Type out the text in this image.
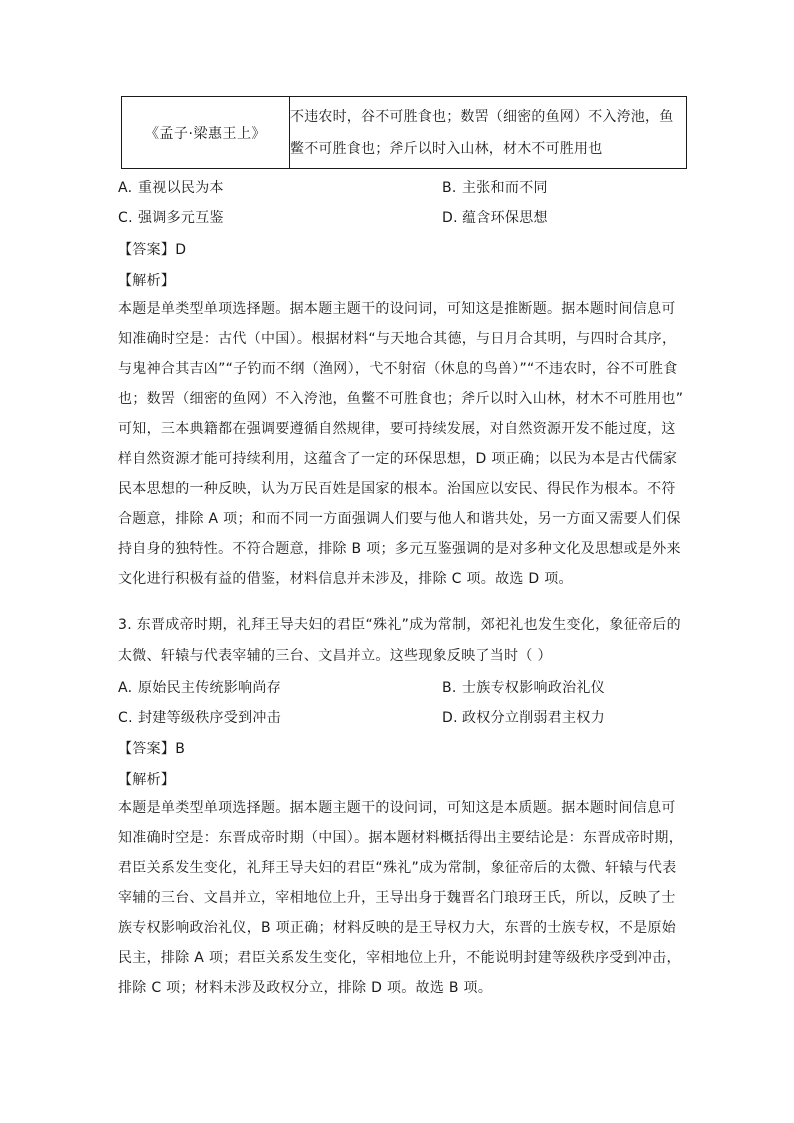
《孟子·梁惠王上》	不违农时，谷不可胜食也；数罟（细密的鱼网）不入洿池，鱼
鳖不可胜食也；斧斤以时入山林，材木不可胜用也
A. 重视以民为本	B. 主张和而不同
C. 强调多元互鉴	D. 蕴含环保思想
【答案】D
【解析】
本题是单类型单项选择题。据本题主题干的设问词，可知这是推断题。据本题时间信息可
知准确时空是：古代（中国）。根据材料“与天地合其德，与日月合其明，与四时合其序，
与鬼神合其吉凶”“子钓而不纲（渔网），弋不射宿（休息的鸟兽）”“不违农时，谷不可胜食
也；数罟（细密的鱼网）不入洿池，鱼鳖不可胜食也；斧斤以时入山林，材木不可胜用也”
可知，三本典籍都在强调要遵循自然规律，要可持续发展，对自然资源开发不能过度，这
样自然资源才能可持续利用，这蕴含了一定的环保思想，D 项正确；以民为本是古代儒家
民本思想的一种反映，认为万民百姓是国家的根本。治国应以安民、得民作为根本。不符
合题意，排除 A 项；和而不同一方面强调人们要与他人和谐共处，另一方面又需要人们保
持自身的独特性。不符合题意，排除 B 项；多元互鉴强调的是对多种文化及思想或是外来
文化进行积极有益的借鉴，材料信息并未涉及，排除 C 项。故选 D 项。
3. 东晋成帝时期，礼拜王导夫妇的君臣“殊礼”成为常制，郊祀礼也发生变化，象征帝后的
太微、轩辕与代表宰辅的三台、文昌并立。这些现象反映了当时（ ）
A. 原始民主传统影响尚存	B. 士族专权影响政治礼仪
C. 封建等级秩序受到冲击	D. 政权分立削弱君主权力
【答案】B
【解析】
本题是单类型单项选择题。据本题主题干的设问词，可知这是本质题。据本题时间信息可
知准确时空是：东晋成帝时期（中国）。据本题材料概括得出主要结论是：东晋成帝时期，
君臣关系发生变化，礼拜王导夫妇的君臣“殊礼”成为常制，象征帝后的太微、轩辕与代表
宰辅的三台、文昌并立，宰相地位上升，王导出身于魏晋名门琅玡王氏，所以，反映了士
族专权影响政治礼仪，B 项正确；材料反映的是王导权力大，东晋的士族专权，不是原始
民主，排除 A 项；君臣关系发生变化，宰相地位上升，不能说明封建等级秩序受到冲击，
排除 C 项；材料未涉及政权分立，排除 D 项。故选 B 项。
